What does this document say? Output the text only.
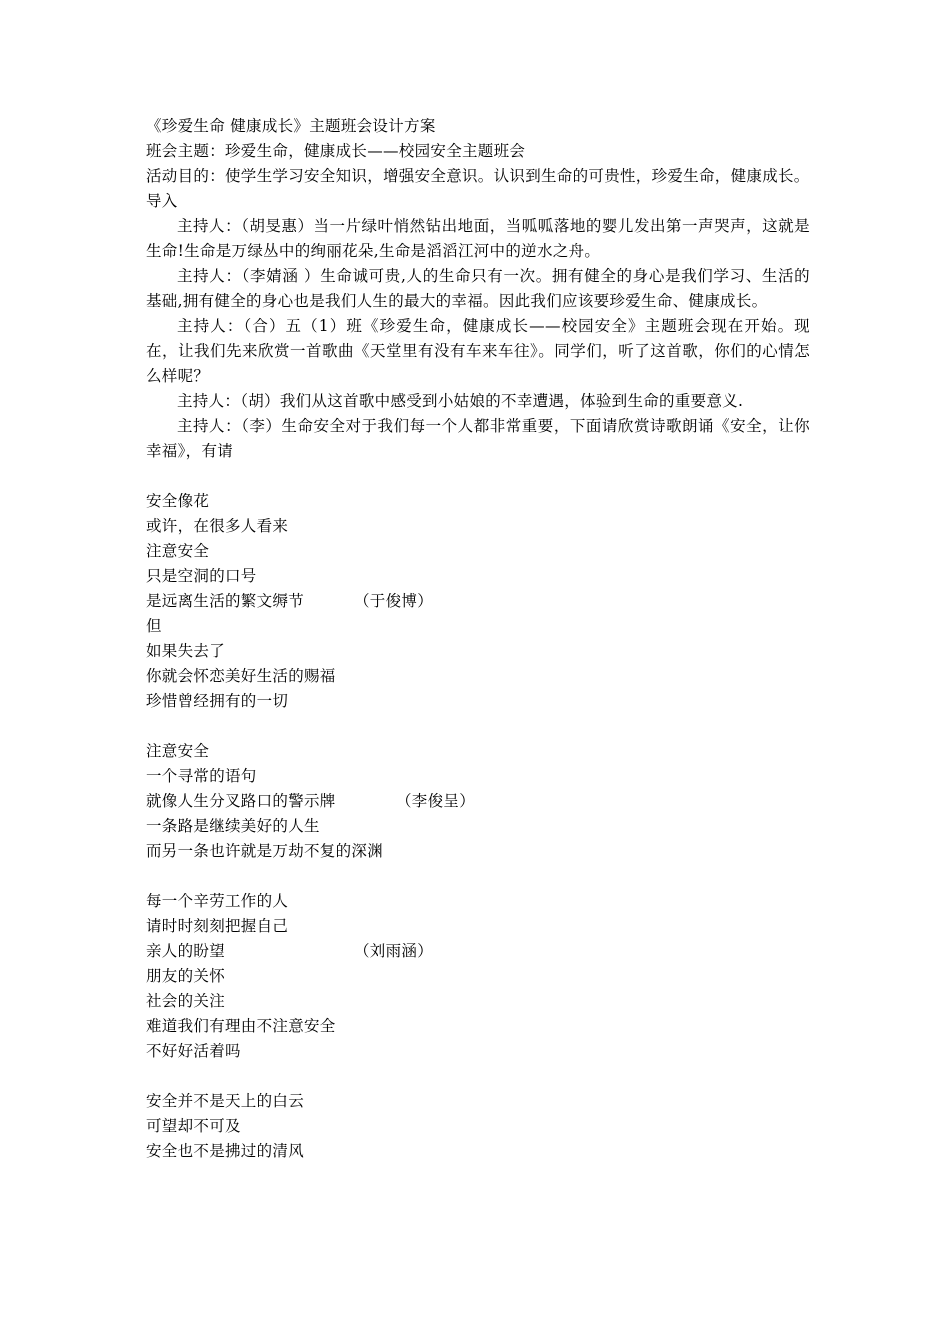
《珍爱生命 健康成长》主题班会设计方案

班会主题：珍爱生命，健康成长——校园安全主题班会

活动目的：使学生学习安全知识，增强安全意识。认识到生命的可贵性，珍爱生命，健康成长。

导入

主持人：（胡旻惠）当一片绿叶悄然钻出地面，当呱呱落地的婴儿发出第一声哭声，这就是生命!生命是万绿丛中的绚丽花朵,生命是滔滔江河中的逆水之舟。

主持人：（李婧涵 ）生命诚可贵,人的生命只有一次。拥有健全的身心是我们学习、生活的基础,拥有健全的身心也是我们人生的最大的幸福。因此我们应该要珍爱生命、健康成长。

主持人：（合）五（1）班《珍爱生命，健康成长——校园安全》主题班会现在开始。现在，让我们先来欣赏一首歌曲《天堂里有没有车来车往》。同学们，听了这首歌，你们的心情怎么样呢？

主持人：（胡）我们从这首歌中感受到小姑娘的不幸遭遇，体验到生命的重要意义.

主持人：（李）生命安全对于我们每一个人都非常重要，下面请欣赏诗歌朗诵《安全，让你幸福》，有请

安全像花

或许，在很多人看来

注意安全

只是空洞的口号

是远离生活的繁文缛节	（于俊博）

但

如果失去了

你就会怀恋美好生活的赐福

珍惜曾经拥有的一切

注意安全

一个寻常的语句

就像人生分叉路口的警示牌	（李俊呈）

一条路是继续美好的人生

而另一条也许就是万劫不复的深渊

每一个辛劳工作的人

请时时刻刻把握自己

亲人的盼望	（刘雨涵）

朋友的关怀

社会的关注

难道我们有理由不注意安全

不好好活着吗

安全并不是天上的白云

可望却不可及

安全也不是拂过的清风
